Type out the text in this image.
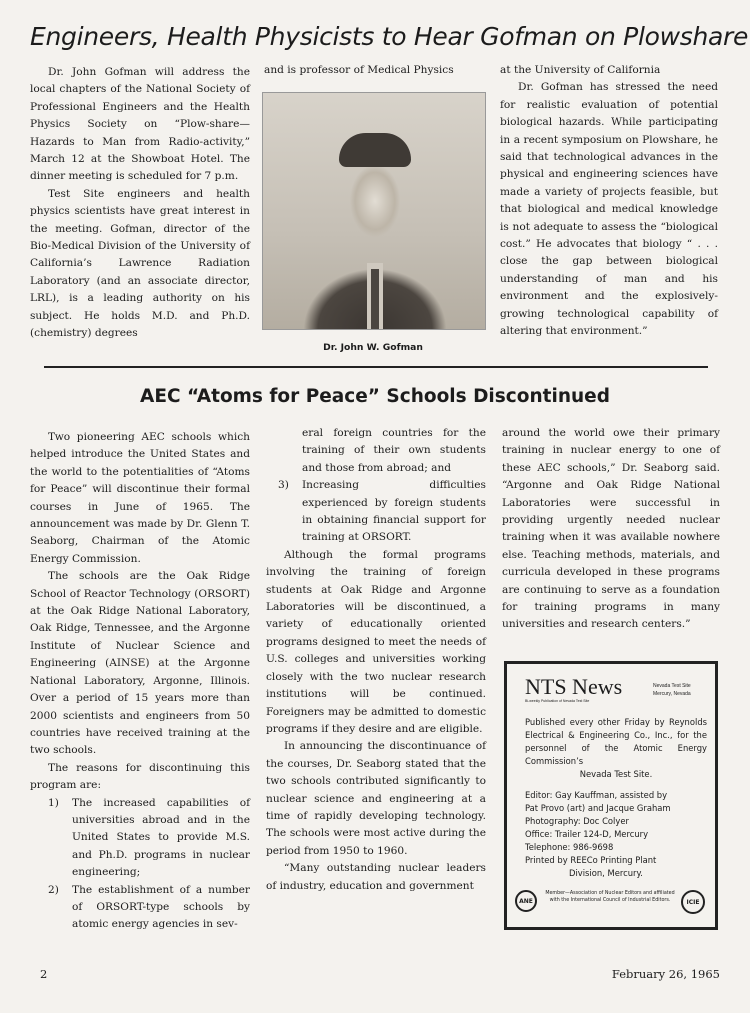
Engineers, Health Physicists to Hear Gofman on Plowshare

Dr. John Gofman will address the local chapters of the National Society of Professional Engineers and the Health Physics Society on “Plow-share—Hazards to Man from Radio-activity,” March 12 at the Showboat Hotel. The dinner meeting is scheduled for 7 p.m.

Test Site engineers and health physics scientists have great interest in the meeting. Gofman, director of the Bio-Medical Division of the University of California’s Lawrence Radiation Laboratory (and an associate director, LRL), is a leading authority on his subject. He holds M.D. and Ph.D. (chemistry) degrees

and is professor of Medical Physics

Dr. John W. Gofman

at the University of California

Dr. Gofman has stressed the need for realistic evaluation of potential biological hazards. While participating in a recent symposium on Plowshare, he said that technological advances in the physical and engineering sciences have made a variety of projects feasible, but that biological and medical knowledge is not adequate to assess the “biological cost.” He advocates that biology “ . . . close the gap between biological understanding of man and his environment and the explosively-growing technological capability of altering that environment.”

AEC “Atoms for Peace” Schools Discontinued

Two pioneering AEC schools which helped introduce the United States and the world to the potentialities of “Atoms for Peace” will discontinue their formal courses in June of 1965. The announcement was made by Dr. Glenn T. Seaborg, Chairman of the Atomic Energy Commission.

The schools are the Oak Ridge School of Reactor Technology (ORSORT) at the Oak Ridge National Laboratory, Oak Ridge, Tennessee, and the Argonne Institute of Nuclear Science and Engineering (AINSE) at the Argonne National Laboratory, Argonne, Illinois. Over a period of 15 years more than 2000 scientists and engineers from 50 countries have received training at the two schools.

The reasons for discontinuing this program are:

1)	The increased capabilities of universities abroad and in the United States to provide M.S. and Ph.D. programs in nuclear engineering;
2)	The establishment of a number of ORSORT-type schools by atomic energy agencies in sev-

eral foreign countries for the training of their own students and those from abroad; and

3)	Increasing difficulties experienced by foreign students in obtaining financial support for training at ORSORT.

Although the formal programs involving the training of foreign students at Oak Ridge and Argonne Laboratories will be discontinued, a variety of educationally oriented programs designed to meet the needs of U.S. colleges and universities working closely with the two nuclear research institutions will be continued. Foreigners may be admitted to domestic programs if they desire and are eligible.

In announcing the discontinuance of the courses, Dr. Seaborg stated that the two schools contributed significantly to nuclear science and engineering at a time of rapidly developing technology. The schools were most active during the period from 1950 to 1960.

“Many outstanding nuclear leaders of industry, education and government

around the world owe their primary training in nuclear energy to one of these AEC schools,” Dr. Seaborg said. “Argonne and Oak Ridge National Laboratories were successful in providing urgently needed nuclear training when it was available nowhere else. Teaching methods, materials, and curricula developed in these programs are continuing to serve as a foundation for training programs in many universities and research centers.”

NTS News
Bi-weekly Publication of Nevada Test Site
Nevada Test Site
Mercury, Nevada
Published every other Friday by Reynolds Electrical & Engineering Co., Inc., for the personnel of the Atomic Energy Commission’s
Nevada Test Site.
Editor: Gay Kauffman, assisted by
Pat Provo (art) and Jacque Graham
Photography: Doc Colyer
Office: Trailer 124-D, Mercury
Telephone: 986-9698
Printed by REECo Printing Plant
Division, Mercury.
ANE
Member—Association of Nuclear Editors and affiliated with the International Council of Industrial Editors.	ICIE
2	February 26, 1965
